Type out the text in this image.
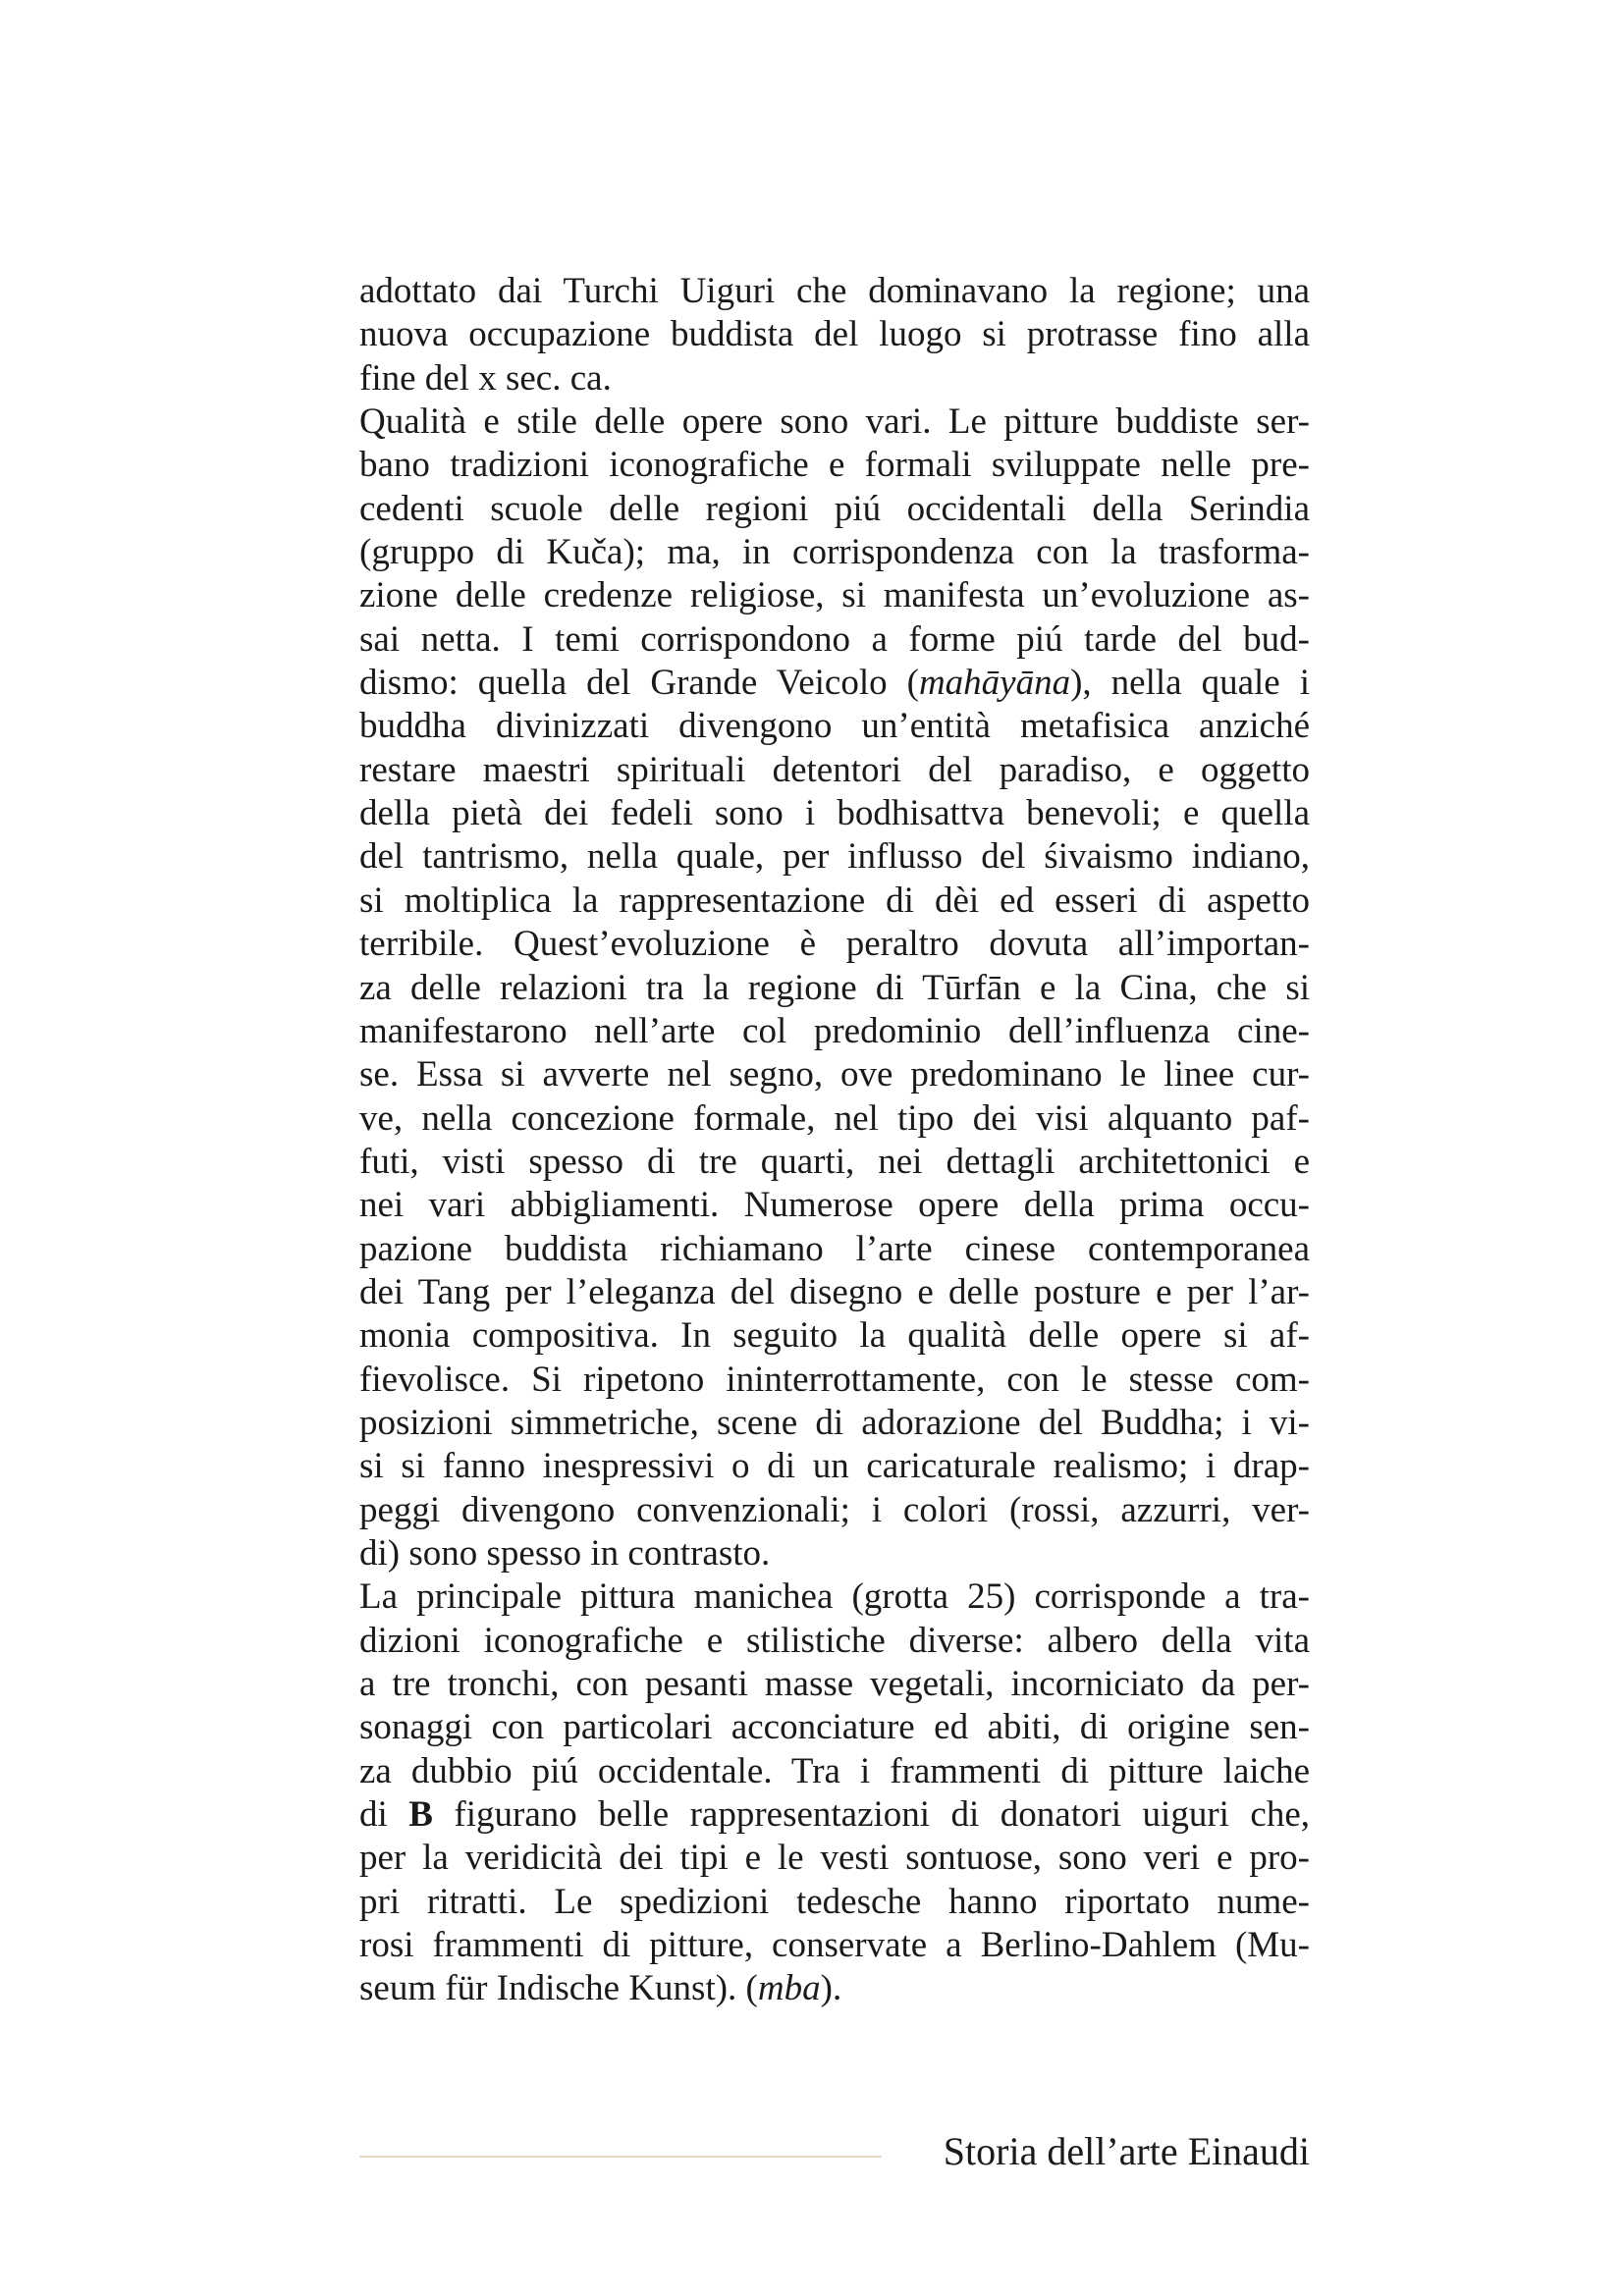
adottato dai Turchi Uiguri che dominavano la regione; una
nuova occupazione buddista del luogo si protrasse fino alla
fine del x sec. ca.
Qualità e stile delle opere sono vari. Le pitture buddiste ser-
bano tradizioni iconografiche e formali sviluppate nelle pre-
cedenti scuole delle regioni piú occidentali della Serindia
(gruppo di Kuča); ma, in corrispondenza con la trasforma-
zione delle credenze religiose, si manifesta un’evoluzione as-
sai netta. I temi corrispondono a forme piú tarde del bud-
dismo: quella del Grande Veicolo (mahāyāna), nella quale i
buddha divinizzati divengono un’entità metafisica anziché
restare maestri spirituali detentori del paradiso, e oggetto
della pietà dei fedeli sono i bodhisattva benevoli; e quella
del tantrismo, nella quale, per influsso del śivaismo indiano,
si moltiplica la rappresentazione di dèi ed esseri di aspetto
terribile. Quest’evoluzione è peraltro dovuta all’importan-
za delle relazioni tra la regione di Tūrfān e la Cina, che si
manifestarono nell’arte col predominio dell’influenza cine-
se. Essa si avverte nel segno, ove predominano le linee cur-
ve, nella concezione formale, nel tipo dei visi alquanto paf-
futi, visti spesso di tre quarti, nei dettagli architettonici e
nei vari abbigliamenti. Numerose opere della prima occu-
pazione buddista richiamano l’arte cinese contemporanea
dei Tang per l’eleganza del disegno e delle posture e per l’ar-
monia compositiva. In seguito la qualità delle opere si af-
fievolisce. Si ripetono ininterrottamente, con le stesse com-
posizioni simmetriche, scene di adorazione del Buddha; i vi-
si si fanno inespressivi o di un caricaturale realismo; i drap-
peggi divengono convenzionali; i colori (rossi, azzurri, ver-
di) sono spesso in contrasto.
La principale pittura manichea (grotta 25) corrisponde a tra-
dizioni iconografiche e stilistiche diverse: albero della vita
a tre tronchi, con pesanti masse vegetali, incorniciato da per-
sonaggi con particolari acconciature ed abiti, di origine sen-
za dubbio piú occidentale. Tra i frammenti di pitture laiche
di B figurano belle rappresentazioni di donatori uiguri che,
per la veridicità dei tipi e le vesti sontuose, sono veri e pro-
pri ritratti. Le spedizioni tedesche hanno riportato nume-
rosi frammenti di pitture, conservate a Berlino-Dahlem (Mu-
seum für Indische Kunst). (mba).
Storia dell’arte Einaudi
